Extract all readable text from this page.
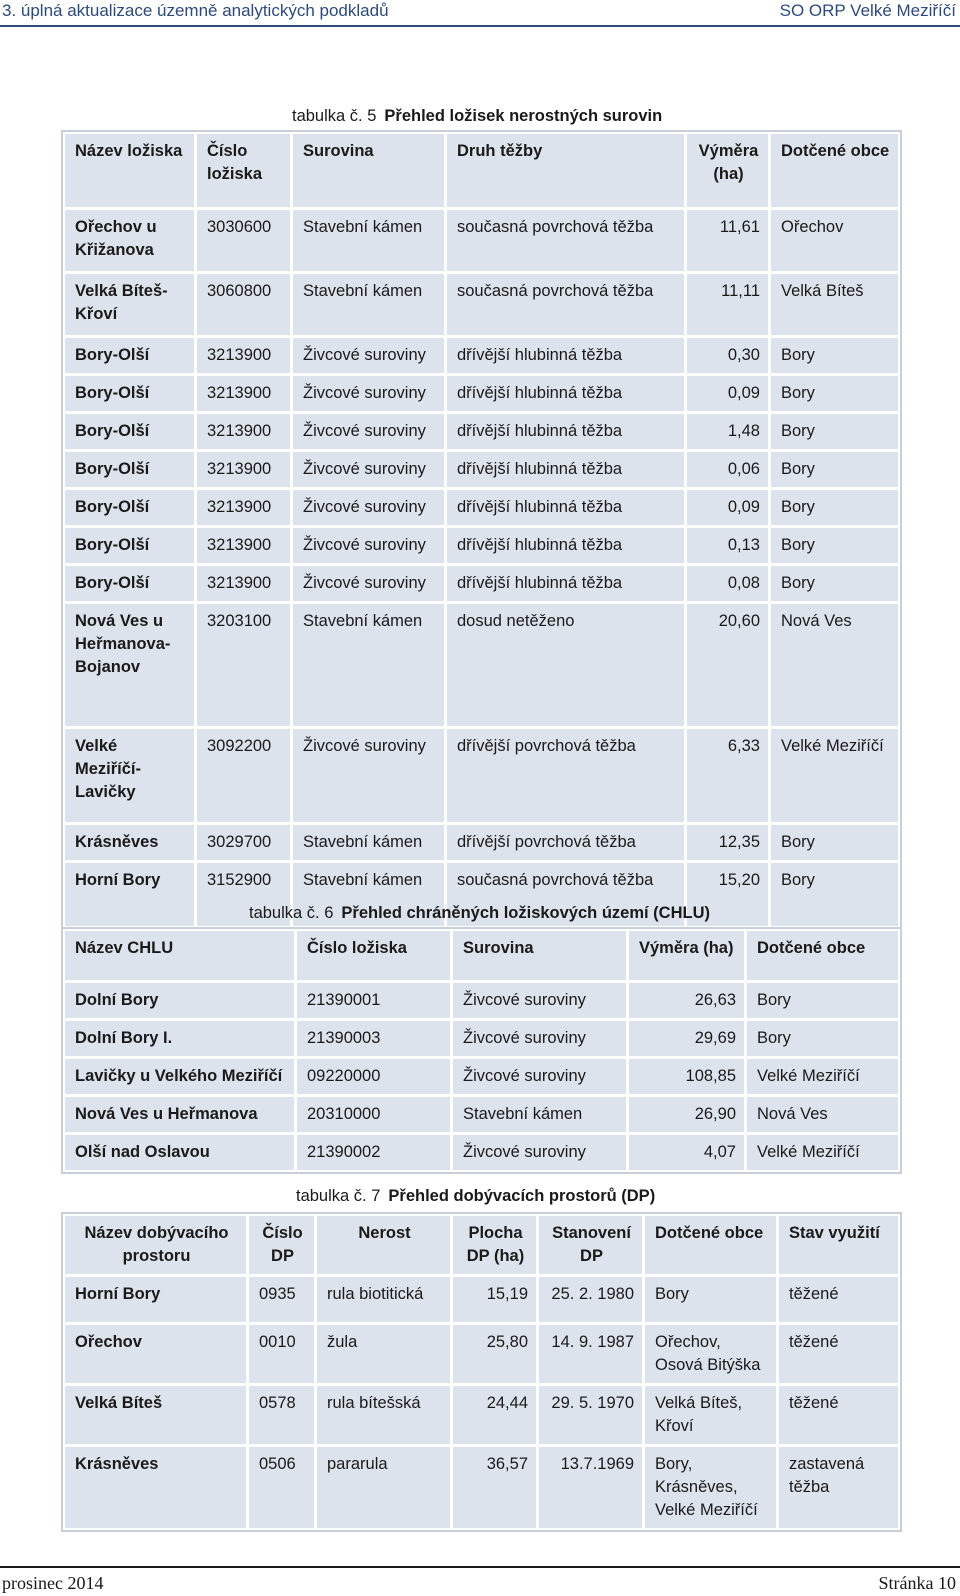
3. úplná aktualizace územně analytických podkladů	SO ORP Velké Meziříčí
tabulka č. 5 Přehled ložisek nerostných surovin
Název ložiska	Číslo ložiska	Surovina	Druh těžby	Výměra (ha)	Dotčené obce
Ořechov u Křižanova	3030600	Stavební kámen	současná povrchová těžba	11,61	Ořechov
Velká Bíteš-Křoví	3060800	Stavební kámen	současná povrchová těžba	11,11	Velká Bíteš
Bory-Olší	3213900	Živcové suroviny	dřívější hlubinná těžba	0,30	Bory
Bory-Olší	3213900	Živcové suroviny	dřívější hlubinná těžba	0,09	Bory
Bory-Olší	3213900	Živcové suroviny	dřívější hlubinná těžba	1,48	Bory
Bory-Olší	3213900	Živcové suroviny	dřívější hlubinná těžba	0,06	Bory
Bory-Olší	3213900	Živcové suroviny	dřívější hlubinná těžba	0,09	Bory
Bory-Olší	3213900	Živcové suroviny	dřívější hlubinná těžba	0,13	Bory
Bory-Olší	3213900	Živcové suroviny	dřívější hlubinná těžba	0,08	Bory
Nová Ves u Heřmanova-Bojanov	3203100	Stavební kámen	dosud netěženo	20,60	Nová Ves
Velké Meziříčí-Lavičky	3092200	Živcové suroviny	dřívější povrchová těžba	6,33	Velké Meziříčí
Krásněves	3029700	Stavební kámen	dřívější povrchová těžba	12,35	Bory
Horní Bory	3152900	Stavební kámen	současná povrchová těžba	15,20	Bory
tabulka č. 6 Přehled chráněných ložiskových území (CHLU)
Název CHLU	Číslo ložiska	Surovina	Výměra (ha)	Dotčené obce
Dolní Bory	21390001	Živcové suroviny	26,63	Bory
Dolní Bory I.	21390003	Živcové suroviny	29,69	Bory
Lavičky u Velkého Meziříčí	09220000	Živcové suroviny	108,85	Velké Meziříčí
Nová Ves u Heřmanova	20310000	Stavební kámen	26,90	Nová Ves
Olší nad Oslavou	21390002	Živcové suroviny	4,07	Velké Meziříčí
tabulka č. 7 Přehled dobývacích prostorů (DP)
Název dobývacího prostoru	Číslo DP	Nerost	Plocha DP (ha)	Stanovení DP	Dotčené obce	Stav využití
Horní Bory	0935	rula biotitická	15,19	25. 2. 1980	Bory	těžené
Ořechov	0010	žula	25,80	14. 9. 1987	Ořechov, Osová Bitýška	těžené
Velká Bíteš	0578	rula bítešská	24,44	29. 5. 1970	Velká Bíteš, Křoví	těžené
Krásněves	0506	pararula	36,57	13.7.1969	Bory, Krásněves, Velké Meziříčí	zastavená těžba
prosinec 2014	Stránka 10
